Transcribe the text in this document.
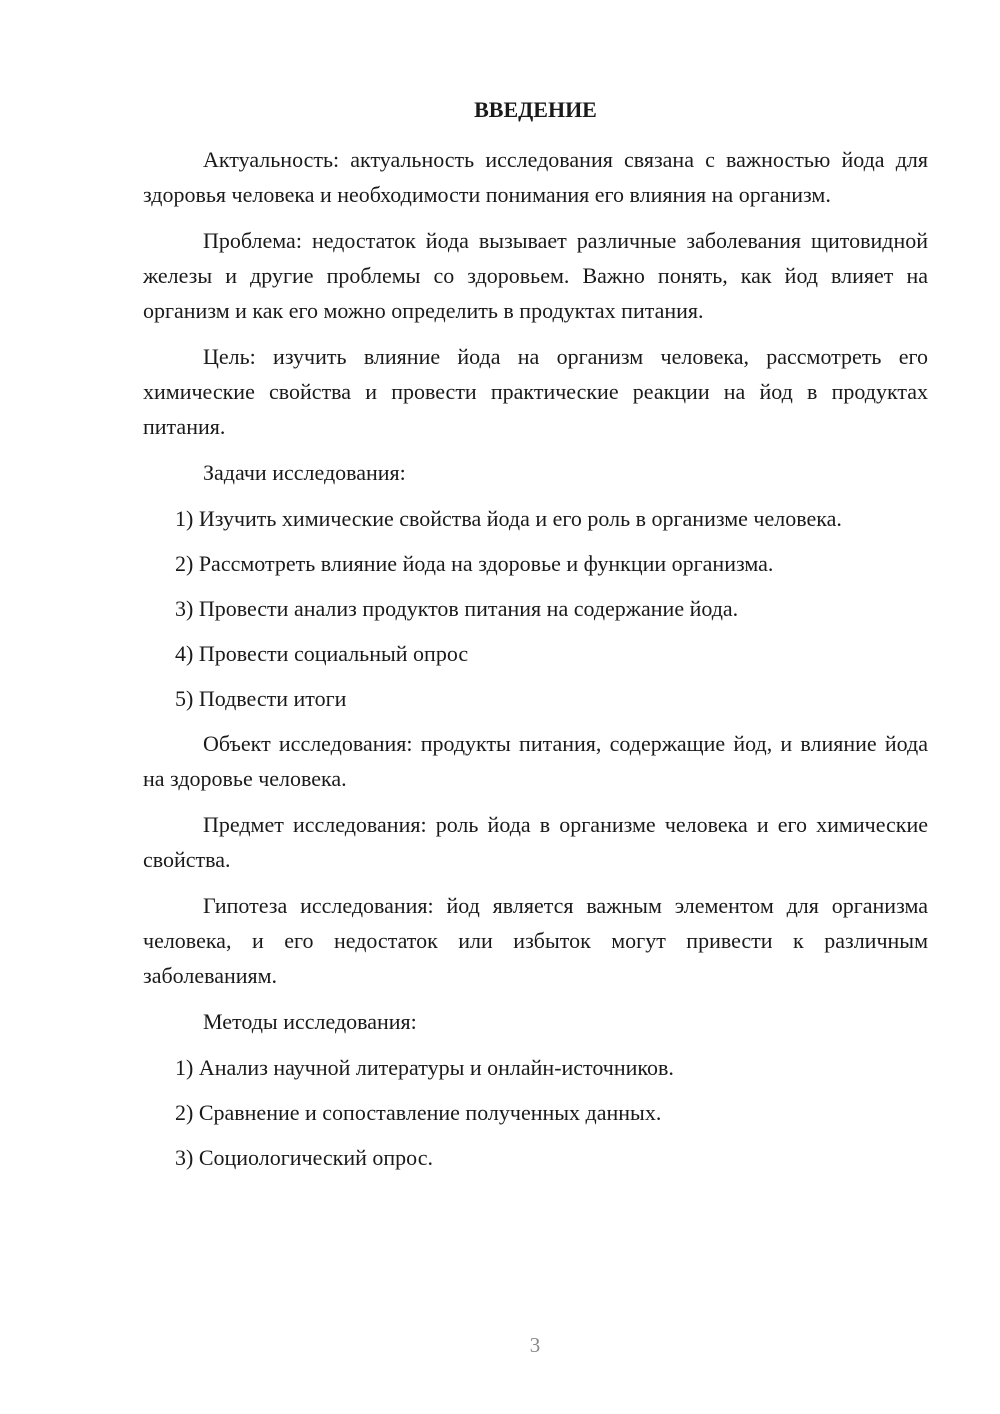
ВВЕДЕНИЕ

Актуальность: актуальность исследования связана с важностью йода для здоровья человека и необходимости понимания его влияния на организм.

Проблема: недостаток йода вызывает различные заболевания щитовидной железы и другие проблемы со здоровьем. Важно понять, как йод влияет на организм и как его можно определить в продуктах питания.

Цель: изучить влияние йода на организм человека, рассмотреть его химические свойства и провести практические реакции на йод в продуктах питания.

Задачи исследования:

1) Изучить химические свойства йода и его роль в организме человека.

2) Рассмотреть влияние йода на здоровье и функции организма.

3) Провести анализ продуктов питания на содержание йода.

4) Провести социальный опрос

5) Подвести итоги

Объект исследования: продукты питания, содержащие йод, и влияние йода на здоровье человека.

Предмет исследования: роль йода в организме человека и его химические свойства.

Гипотеза исследования: йод является важным элементом для организма человека, и его недостаток или избыток могут привести к различным заболеваниям.

Методы исследования:

1) Анализ научной литературы и онлайн-источников.

2) Сравнение и сопоставление полученных данных.

3) Социологический опрос.

3
